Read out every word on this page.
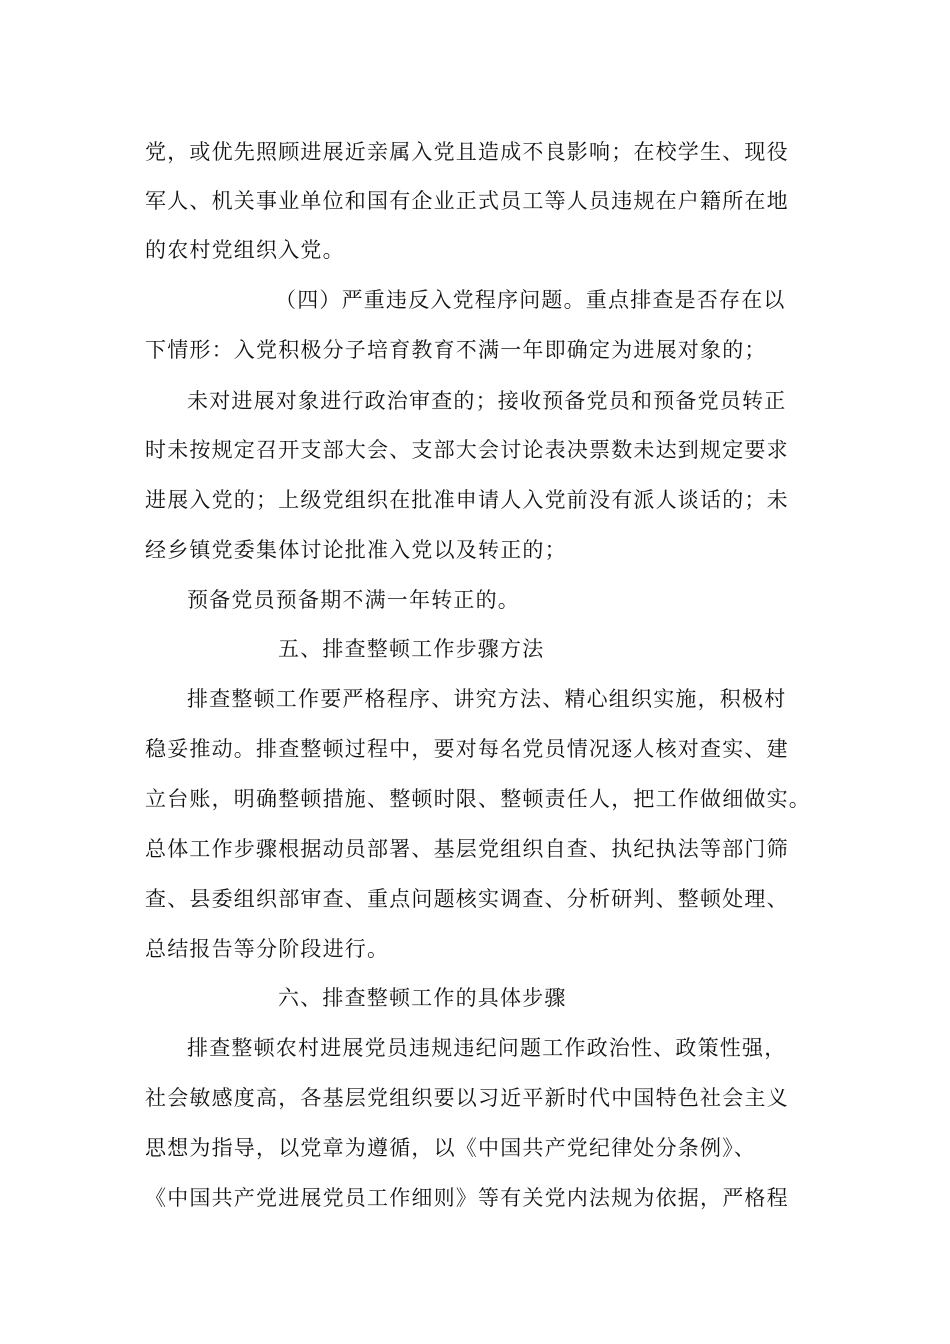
党，或优先照顾进展近亲属入党且造成不良影响；在校学生、现役
军人、机关事业单位和国有企业正式员工等人员违规在户籍所在地
的农村党组织入党。
（四）严重违反入党程序问题。重点排查是否存在以
下情形：入党积极分子培育教育不满一年即确定为进展对象的；
未对进展对象进行政治审查的；接收预备党员和预备党员转正
时未按规定召开支部大会、支部大会讨论表决票数未达到规定要求
进展入党的；上级党组织在批准申请人入党前没有派人谈话的；未
经乡镇党委集体讨论批准入党以及转正的；
预备党员预备期不满一年转正的。
五、排查整顿工作步骤方法
排查整顿工作要严格程序、讲究方法、精心组织实施，积极村
稳妥推动。排查整顿过程中，要对每名党员情况逐人核对查实、建
立台账，明确整顿措施、整顿时限、整顿责任人，把工作做细做实。
总体工作步骤根据动员部署、基层党组织自查、执纪执法等部门筛
查、县委组织部审查、重点问题核实调查、分析研判、整顿处理、
总结报告等分阶段进行。
六、排查整顿工作的具体步骤
排查整顿农村进展党员违规违纪问题工作政治性、政策性强，
社会敏感度高，各基层党组织要以习近平新时代中国特色社会主义
思想为指导，以党章为遵循，以《中国共产党纪律处分条例》、
《中国共产党进展党员工作细则》等有关党内法规为依据，严格程
